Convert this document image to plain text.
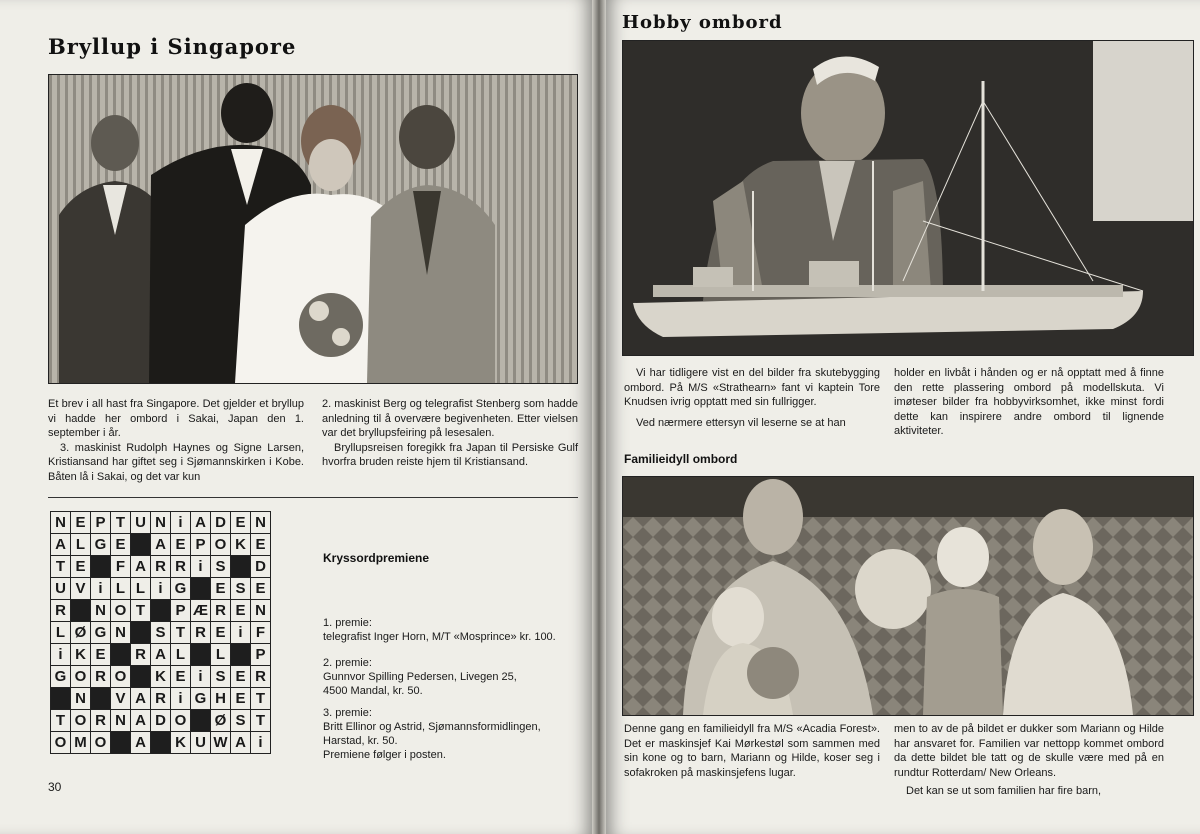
Bryllup i Singapore

Et brev i all hast fra Singapore. Det gjelder et bryllup vi hadde her ombord i Sakai, Japan den 1. september i år.

3. maskinist Rudolph Haynes og Signe Larsen, Kristiansand har giftet seg i Sjømannskirken i Kobe. Båten lå i Sakai, og det var kun

2. maskinist Berg og telegrafist Stenberg som hadde anledning til å overvære begivenheten. Etter vielsen var det bryllupsfeiring på lesesalen.

Bryllupsreisen foregikk fra Japan til Persiske Gulf hvorfra bruden reiste hjem til Kristiansand.

N	E	P	T	U	N	i	A	D	E	N
A	L	G	E		A	E	P	O	K	E
T	E		F	A	R	R	i	S		D
U	V	i	L	L	i	G		E	S	E
R		N	O	T		P	Æ	R	E	N
L	Ø	G	N		S	T	R	E	i	F
i	K	E		R	A	L		L		P
G	O	R	O		K	E	i	S	E	R
	N		V	A	R	i	G	H	E	T
T	O	R	N	A	D	O		Ø	S	T
O	M	O		A		K	U	W	A	i
Kryssordpremiene
1. premie:
telegrafist Inger Horn, M/T «Mosprince» kr. 100.
2. premie:
Gunnvor Spilling Pedersen, Livegen 25,
4500 Mandal, kr. 50.
3. premie:
Britt Ellinor og Astrid, Sjømannsformidlingen,
Harstad, kr. 50.
Premiene følger i posten.
30
Hobby ombord

Vi har tidligere vist en del bilder fra skutebygging ombord. På M/S «Strathearn» fant vi kaptein Tore Knudsen ivrig opptatt med sin fullrigger.

Ved nærmere ettersyn vil leserne se at han

holder en livbåt i hånden og er nå opptatt med å finne den rette plassering ombord på modellskuta. Vi imøteser bilder fra hobbyvirksomhet, ikke minst fordi dette kan inspirere andre ombord til lignende aktiviteter.

Familieidyll ombord

Denne gang en familieidyll fra M/S «Acadia Forest». Det er maskinsjef Kai Mørkestøl som sammen med sin kone og to barn, Mariann og Hilde, koser seg i sofakroken på maskinsjefens lugar.

men to av de på bildet er dukker som Mariann og Hilde har ansvaret for. Familien var nettopp kommet ombord da dette bildet ble tatt og de skulle være med på en rundtur Rotterdam/ New Orleans.

Det kan se ut som familien har fire barn,
